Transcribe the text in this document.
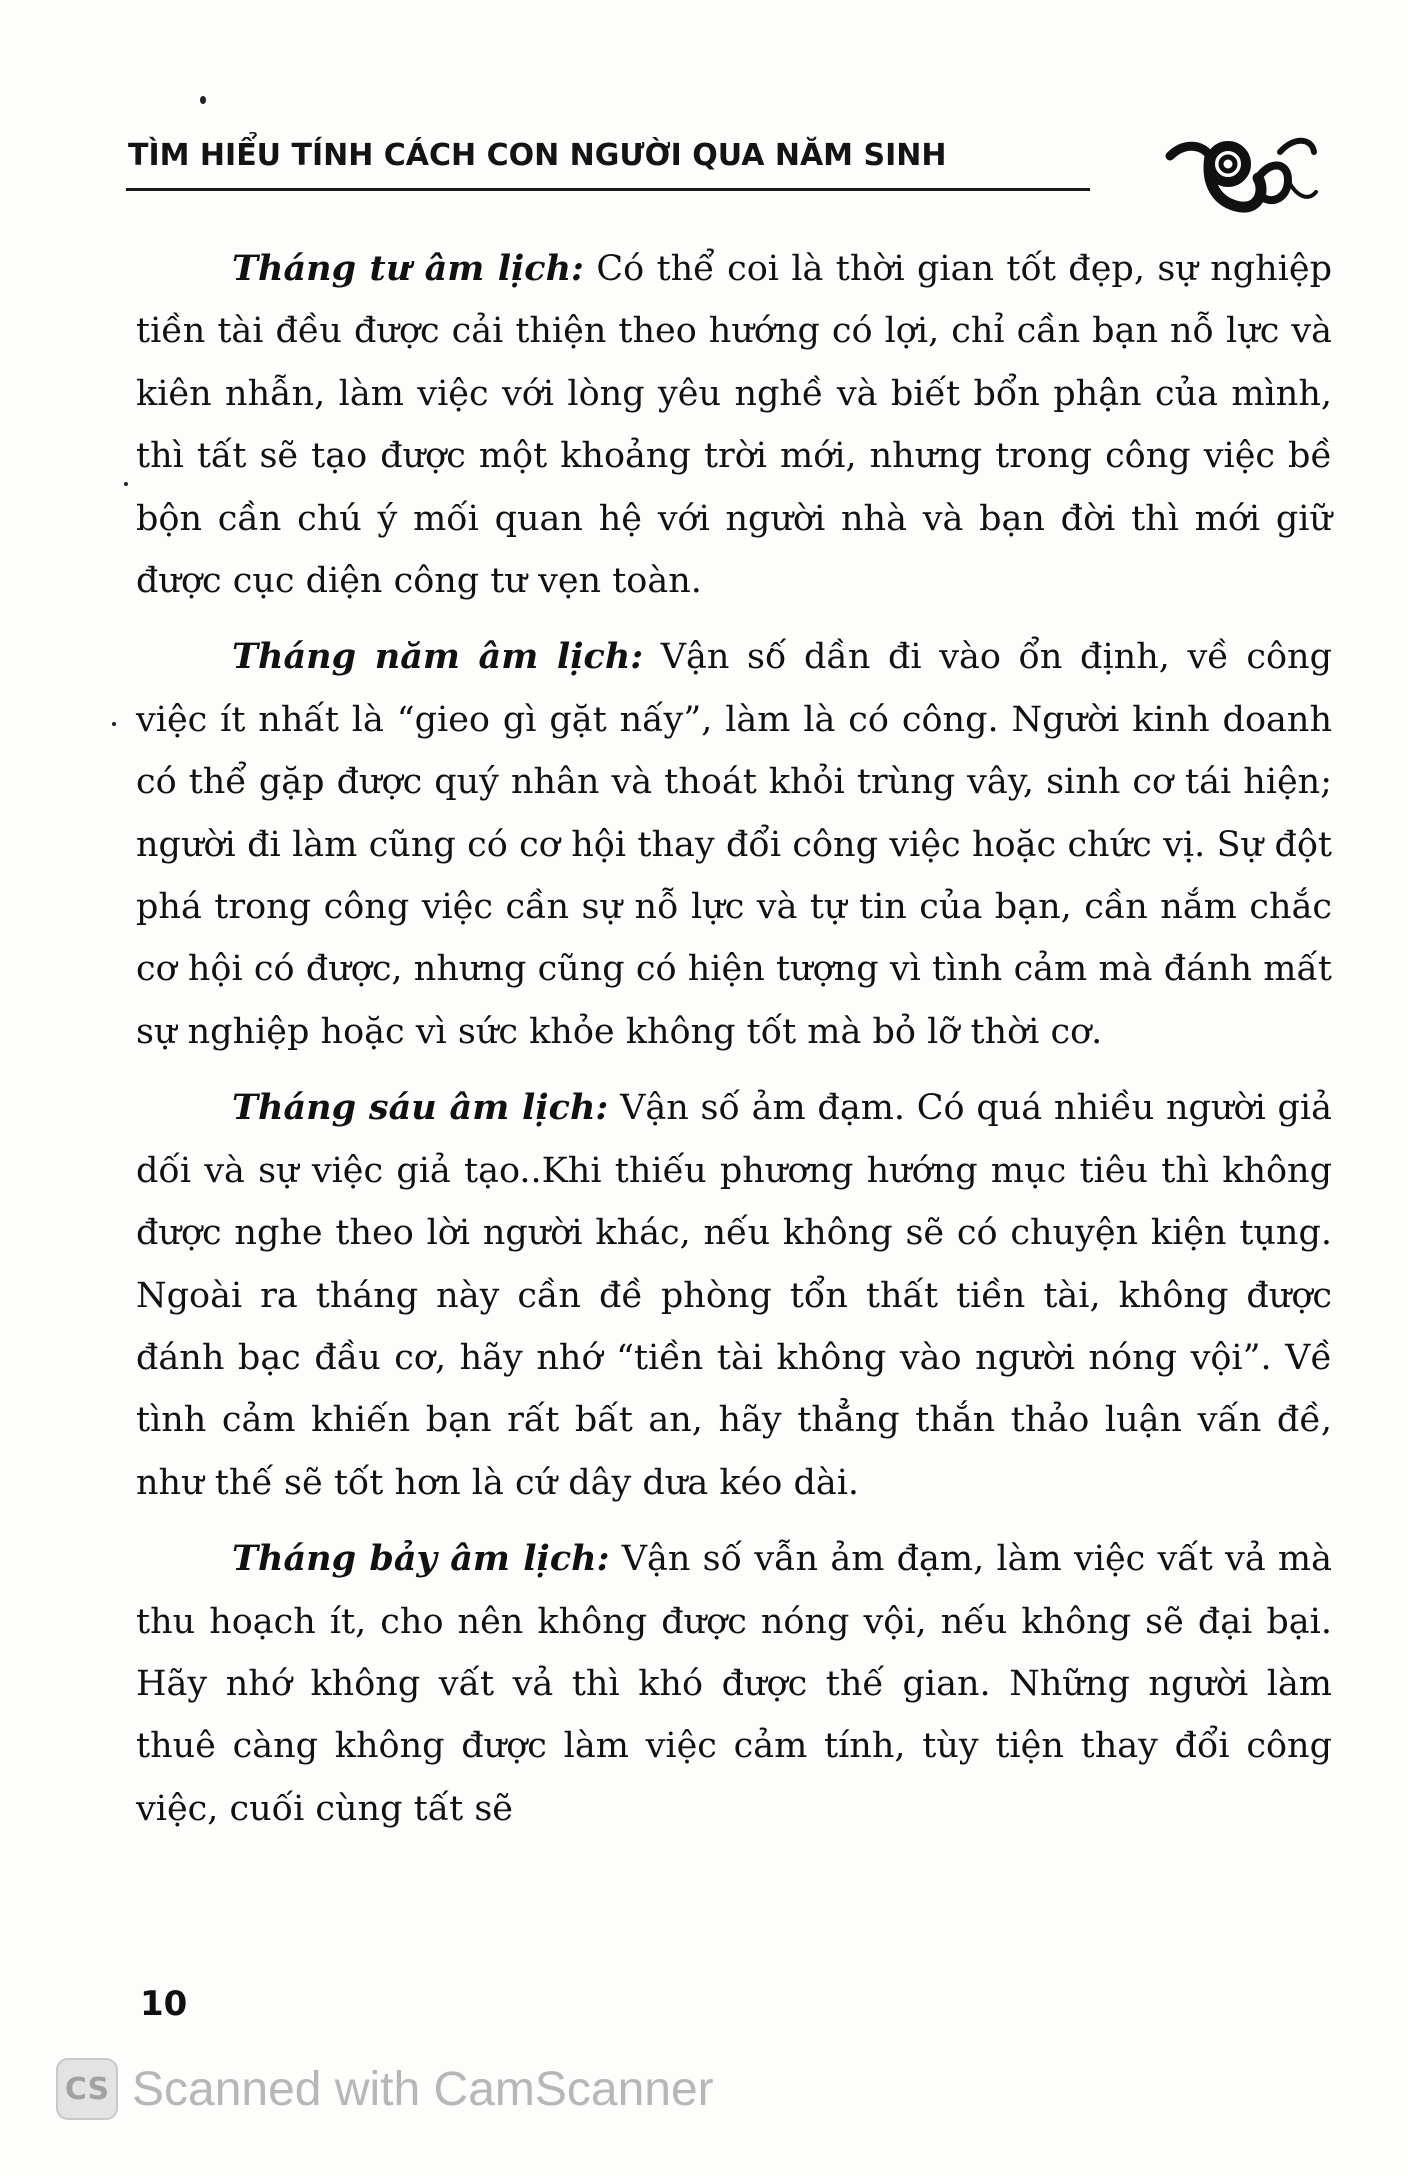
TÌM HIỂU TÍNH CÁCH CON NGƯỜI QUA NĂM SINH

Tháng tư âm lịch: Có thể coi là thời gian tốt đẹp, sự nghiệp tiền tài đều được cải thiện theo hướng có lợi, chỉ cần bạn nỗ lực và kiên nhẫn, làm việc với lòng yêu nghề và biết bổn phận của mình, thì tất sẽ tạo được một khoảng trời mới, nhưng trong công việc bề bộn cần chú ý mối quan hệ với người nhà và bạn đời thì mới giữ được cục diện công tư vẹn toàn.

Tháng năm âm lịch: Vận số dần đi vào ổn định, về công việc ít nhất là “gieo gì gặt nấy”, làm là có công. Người kinh doanh có thể gặp được quý nhân và thoát khỏi trùng vây, sinh cơ tái hiện; người đi làm cũng có cơ hội thay đổi công việc hoặc chức vị. Sự đột phá trong công việc cần sự nỗ lực và tự tin của bạn, cần nắm chắc cơ hội có được, nhưng cũng có hiện tượng vì tình cảm mà đánh mất sự nghiệp hoặc vì sức khỏe không tốt mà bỏ lỡ thời cơ.

Tháng sáu âm lịch: Vận số ảm đạm. Có quá nhiều người giả dối và sự việc giả tạo..Khi thiếu phương hướng mục tiêu thì không được nghe theo lời người khác, nếu không sẽ có chuyện kiện tụng. Ngoài ra tháng này cần đề phòng tổn thất tiền tài, không được đánh bạc đầu cơ, hãy nhớ “tiền tài không vào người nóng vội”. Về tình cảm khiến bạn rất bất an, hãy thẳng thắn thảo luận vấn đề, như thế sẽ tốt hơn là cứ dây dưa kéo dài.

Tháng bảy âm lịch: Vận số vẫn ảm đạm, làm việc vất vả mà thu hoạch ít, cho nên không được nóng vội, nếu không sẽ đại bại. Hãy nhớ không vất vả thì khó được thế gian. Những người làm thuê càng không được làm việc cảm tính, tùy tiện thay đổi công việc, cuối cùng tất sẽ

10
CS Scanned with CamScanner
